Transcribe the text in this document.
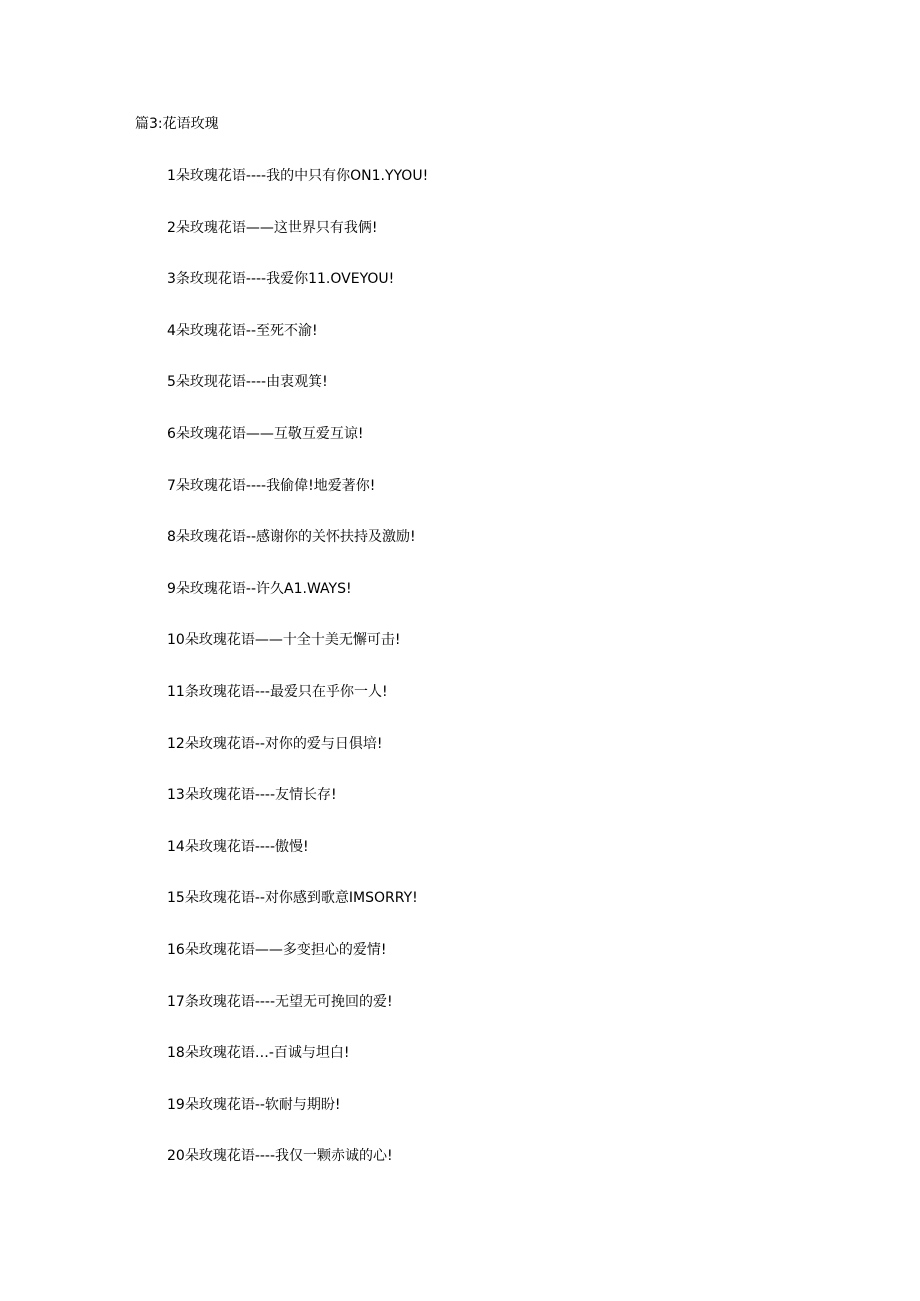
篇3:花语玫瑰
1朵玫瑰花语----我的中只有你ON1.YYOU!
2朵玫瑰花语——这世界只有我俩!
3条玫现花语----我爱你11.OVEYOU!
4朵玫瑰花语--至死不渝!
5朵玫现花语----由衷观箕!
6朵玫瑰花语——互敬互爱互谅!
7朵玫瑰花语----我偷偉!地爱著你!
8朵玫瑰花语--感谢你的关怀扶持及激励!
9朵玫瑰花语--许久A1.WAYS!
10朵玫瑰花语——十全十美无懈可击!
11条玫瑰花语---最爱只在乎你一人!
12朵玫瑰花语--对你的爱与日俱培!
13朵玫瑰花语----友情长存!
14朵玫瑰花语----傲慢!
15朵玫瑰花语--对你感到歌意IMSORRY!
16朵玫瑰花语——多变担心的爱情!
17条玫瑰花语----无望无可挽回的爱!
18朵玫瑰花语…-百诚与坦白!
19朵玫瑰花语--软耐与期盼!
20朵玫瑰花语----我仅一颗赤诚的心!
